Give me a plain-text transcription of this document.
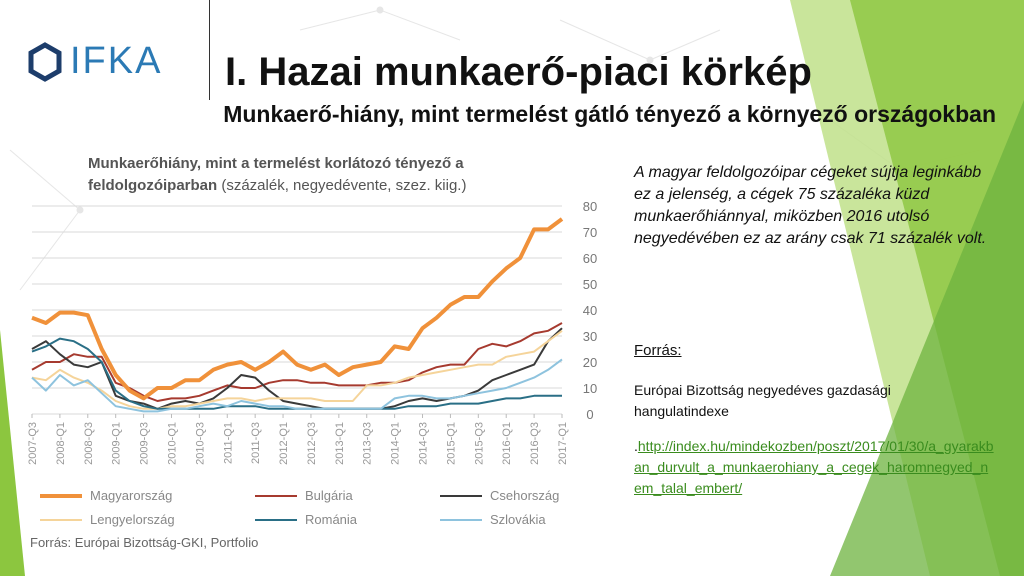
IFKA I. Hazai munkaerő-piaci körkép
Munkaerő-hiány, mint termelést gátló tényező a környező országokban
Munkaerőhiány, mint a termelést korlátozó tényező a feldolgozóiparban (százalék, negyedévente, szez. kiig.)
0
10
20
30
40
50
60
70
80
2007-Q3 2008-Q1 2008-Q3 2009-Q1 2009-Q3 2010-Q1 2010-Q3 2011-Q1 2011-Q3 2012-Q1 2012-Q3 2013-Q1 2013-Q3 2014-Q1 2014-Q3 2015-Q1 2015-Q3 2016-Q1 2016-Q3 2017-Q1
Magyarország	Bulgária	Csehország
Lengyelország	Románia	Szlovákia
Forrás: Európai Bizottság-GKI, Portfolio
A magyar feldolgozóipar cégeket sújtja leginkább ez a jelenség, a cégek 75 százaléka küzd munkaerőhiánnyal, miközben 2016 utolsó negyedévében ez az arány csak 71 százalék volt.
Forrás:
Európai Bizottság negyedéves gazdasági hangulatindexe
.http://index.hu/mindekozben/poszt/2017/01/30/a_gyarakban_durvult_a_munkaerohiany_a_cegek_haromnegyed_nem_talal_embert/
